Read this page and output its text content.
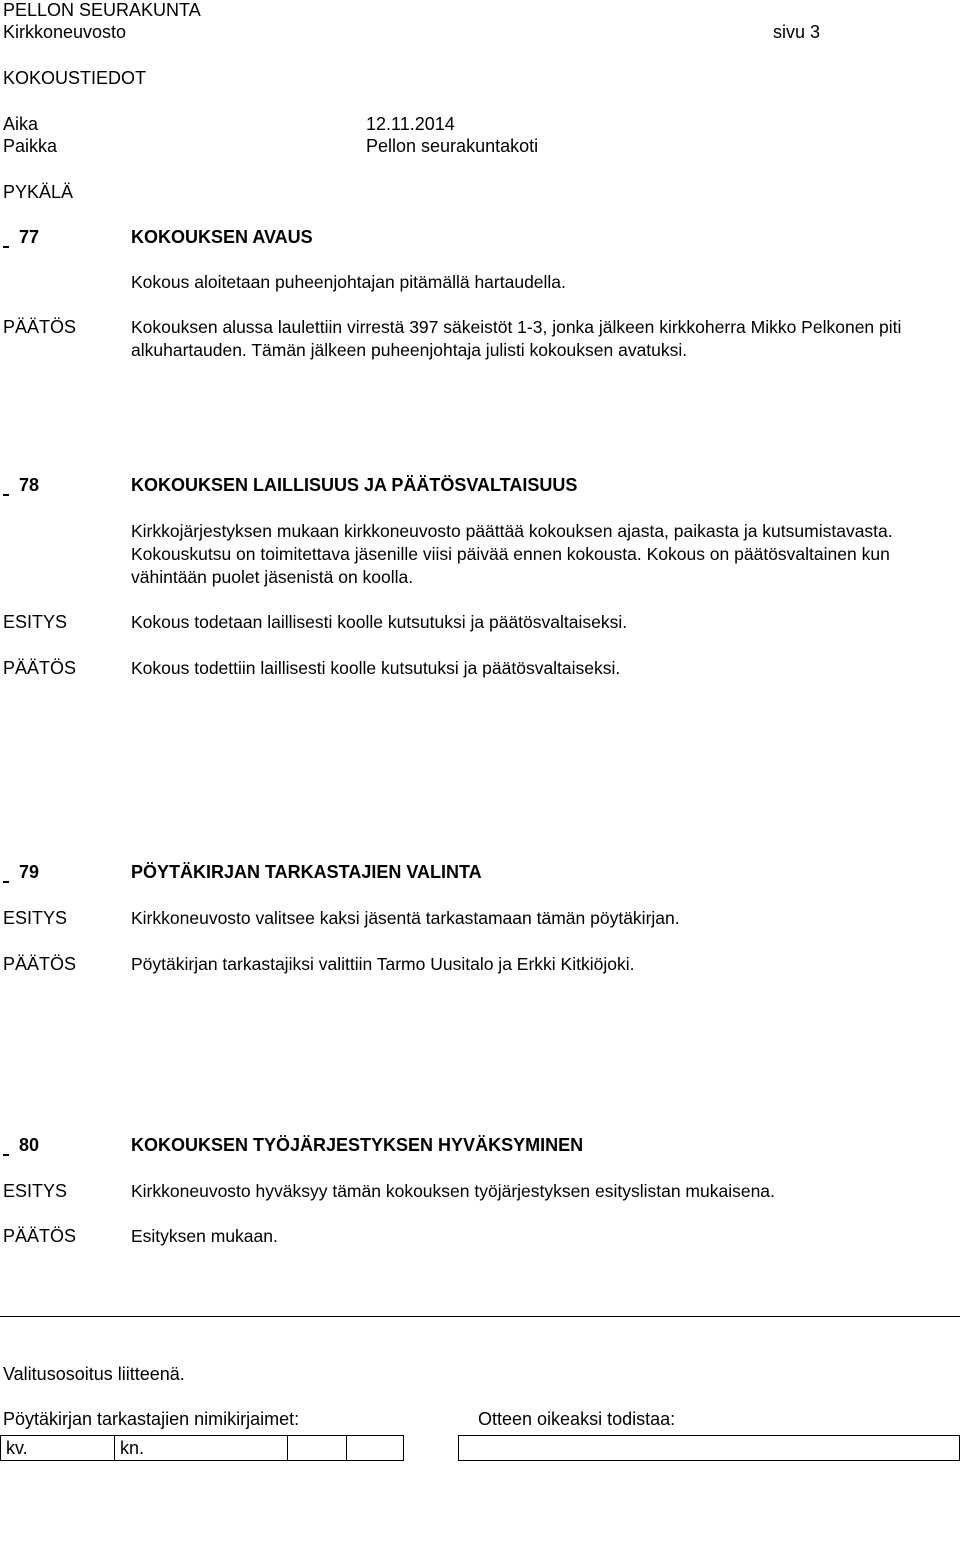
PELLON SEURAKUNTA
Kirkkoneuvosto	sivu 3
KOKOUSTIEDOT
Aika	12.11.2014
Paikka	Pellon seurakuntakoti
PYKÄLÄ
77	KOKOUKSEN AVAUS
Kokous aloitetaan puheenjohtajan pitämällä hartaudella.
PÄÄTÖS	Kokouksen alussa laulettiin virrestä 397 säkeistöt 1-3, jonka jälkeen kirkkoherra Mikko Pelkonen piti alkuhartauden. Tämän jälkeen puheenjohtaja julisti kokouksen avatuksi.
78	KOKOUKSEN LAILLISUUS JA PÄÄTÖSVALTAISUUS
Kirkkojärjestyksen mukaan kirkkoneuvosto päättää kokouksen ajasta, paikasta ja kutsumistavasta. Kokouskutsu on toimitettava jäsenille viisi päivää ennen kokousta. Kokous on päätösvaltainen kun vähintään puolet jäsenistä on koolla.
ESITYS	Kokous todetaan laillisesti koolle kutsutuksi ja päätösvaltaiseksi.
PÄÄTÖS	Kokous todettiin laillisesti koolle kutsutuksi ja päätösvaltaiseksi.
79	PÖYTÄKIRJAN TARKASTAJIEN VALINTA
ESITYS	Kirkkoneuvosto valitsee kaksi jäsentä tarkastamaan tämän pöytäkirjan.
PÄÄTÖS	Pöytäkirjan tarkastajiksi valittiin Tarmo Uusitalo ja Erkki Kitkiöjoki.
80	KOKOUKSEN TYÖJÄRJESTYKSEN HYVÄKSYMINEN
ESITYS	Kirkkoneuvosto hyväksyy tämän kokouksen työjärjestyksen esityslistan mukaisena.
PÄÄTÖS	Esityksen mukaan.
Valitusosoitus liitteenä.
Pöytäkirjan tarkastajien nimikirjaimet:	Otteen oikeaksi todistaa:
kv.	kn.
